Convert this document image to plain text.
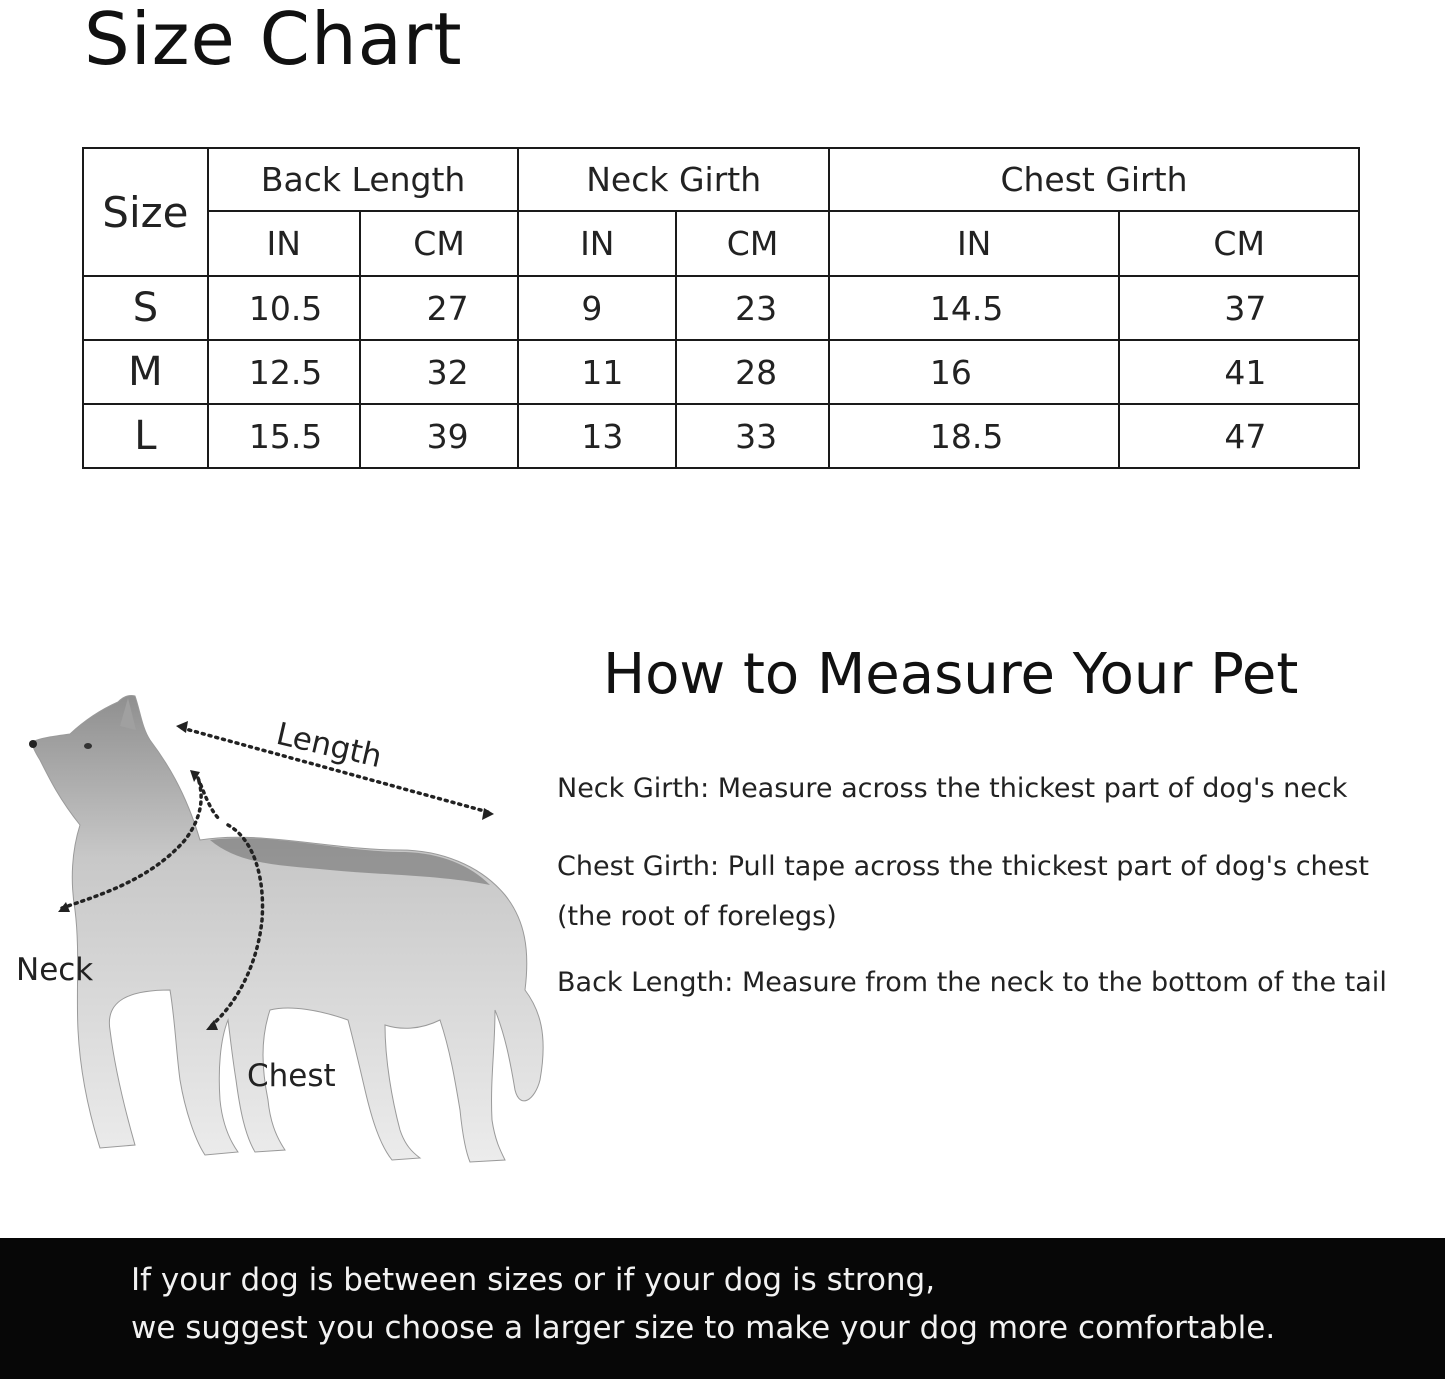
Size Chart
Size	Back Length		Neck Girth		Chest Girth	
	IN	CM	IN	CM	IN	CM
S	10.5	27	9	23	14.5	37
M	12.5	32	11	28	16	41
L	15.5	39	13	33	18.5	47
Length
Neck
Chest
How to Measure Your Pet
Neck Girth: Measure across the thickest part of dog's neck
Chest Girth: Pull tape across the thickest part of dog's chest
(the root of forelegs)
Back Length: Measure from the neck to the bottom of the tail
If your dog is between sizes or if your dog is strong,
we suggest you choose a larger size to make your dog more comfortable.
